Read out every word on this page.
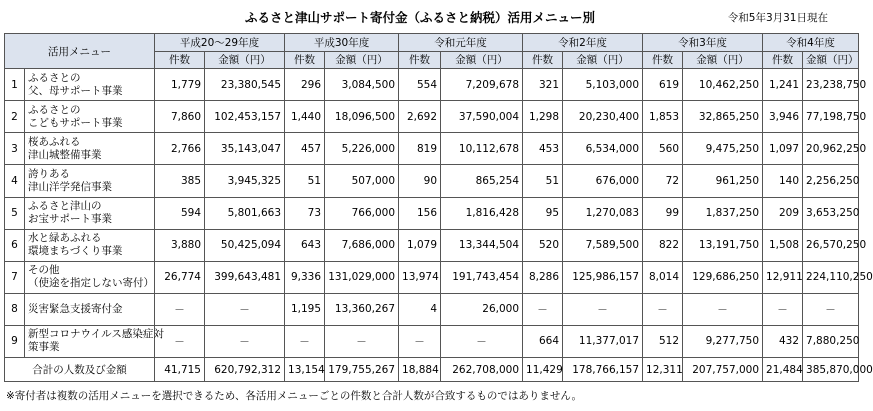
ふるさと津山サポート寄付金（ふるさと納税）活用メニュー別	令和5年3月31日現在
活用メニュー		平成20～29年度		平成30年度		令和元年度		令和2年度		令和3年度		令和4年度	
		件数	金額（円）	件数	金額（円）	件数	金額（円）	件数	金額（円）	件数	金額（円）	件数	金額（円）
1	ふるさとの
父、母サポート事業	1,779	23,380,545	296	3,084,500	554	7,209,678	321	5,103,000	619	10,462,250	1,241	23,238,750
2	ふるさとの
こどもサポート事業	7,860	102,453,157	1,440	18,096,500	2,692	37,590,004	1,298	20,230,400	1,853	32,865,250	3,946	77,198,750
3	桜あふれる
津山城整備事業	2,766	35,143,047	457	5,226,000	819	10,112,678	453	6,534,000	560	9,475,250	1,097	20,962,250
4	誇りある
津山洋学発信事業	385	3,945,325	51	507,000	90	865,254	51	676,000	72	961,250	140	2,256,250
5	ふるさと津山の
お宝サポート事業	594	5,801,663	73	766,000	156	1,816,428	95	1,270,083	99	1,837,250	209	3,653,250
6	水と緑あふれる
環境まちづくり事業	3,880	50,425,094	643	7,686,000	1,079	13,344,504	520	7,589,500	822	13,191,750	1,508	26,570,250
7	その他
（使途を指定しない寄付）	26,774	399,643,481	9,336	131,029,000	13,974	191,743,454	8,286	125,986,157	8,014	129,686,250	12,911	224,110,250
8	災害緊急支援寄付金	－	－	1,195	13,360,267	4	26,000	－	－	－	－	－	－
9	新型コロナウイルス感染症対
策事業	－	－	－	－	－	－	664	11,377,017	512	9,277,750	432	7,880,250
合計の人数及び金額		41,715	620,792,312	13,154	179,755,267	18,884	262,708,000	11,429	178,766,157	12,311	207,757,000	21,484	385,870,000
※寄付者は複数の活用メニューを選択できるため、各活用メニューごとの件数と合計人数が合致するものではありません。
